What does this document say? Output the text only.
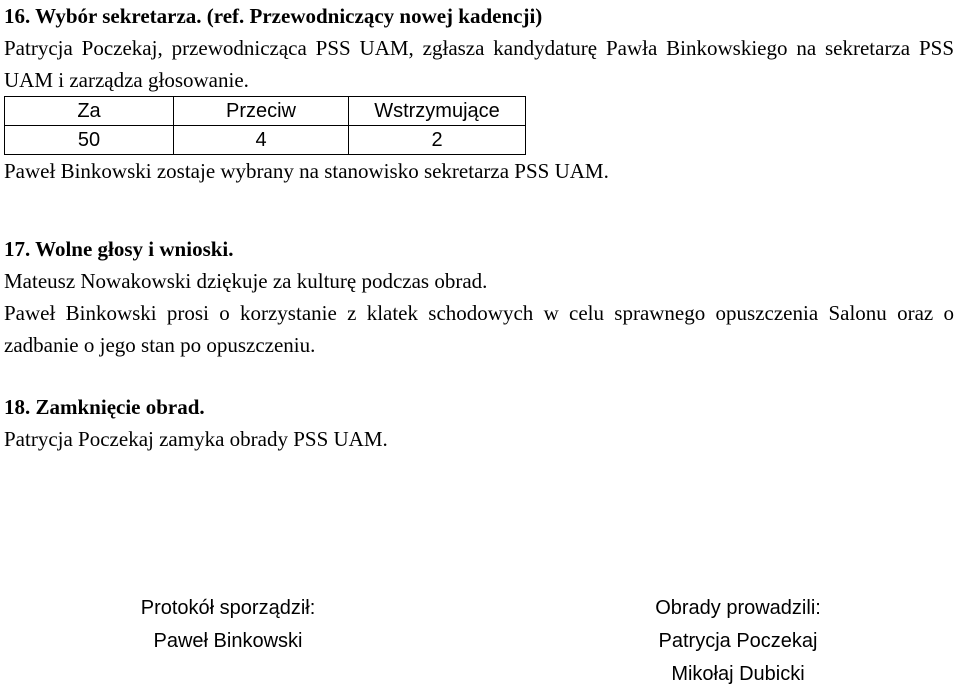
16. Wybór sekretarza. (ref. Przewodniczący nowej kadencji)

Patrycja Poczekaj, przewodnicząca PSS UAM, zgłasza kandydaturę Pawła Binkowskiego na sekretarza PSS UAM i zarządza głosowanie.

Za	Przeciw	Wstrzymujące
50	4	2

Paweł Binkowski zostaje wybrany na stanowisko sekretarza PSS UAM.

17. Wolne głosy i wnioski.

Mateusz Nowakowski dziękuje za kulturę podczas obrad.

Paweł Binkowski prosi o korzystanie z klatek schodowych w celu sprawnego opuszczenia Salonu oraz o zadbanie o jego stan po opuszczeniu.

18. Zamknięcie obrad.

Patrycja Poczekaj zamyka obrady PSS UAM.

Protokół sporządził:
Paweł Binkowski
Obrady prowadzili:
Patrycja Poczekaj
Mikołaj Dubicki
